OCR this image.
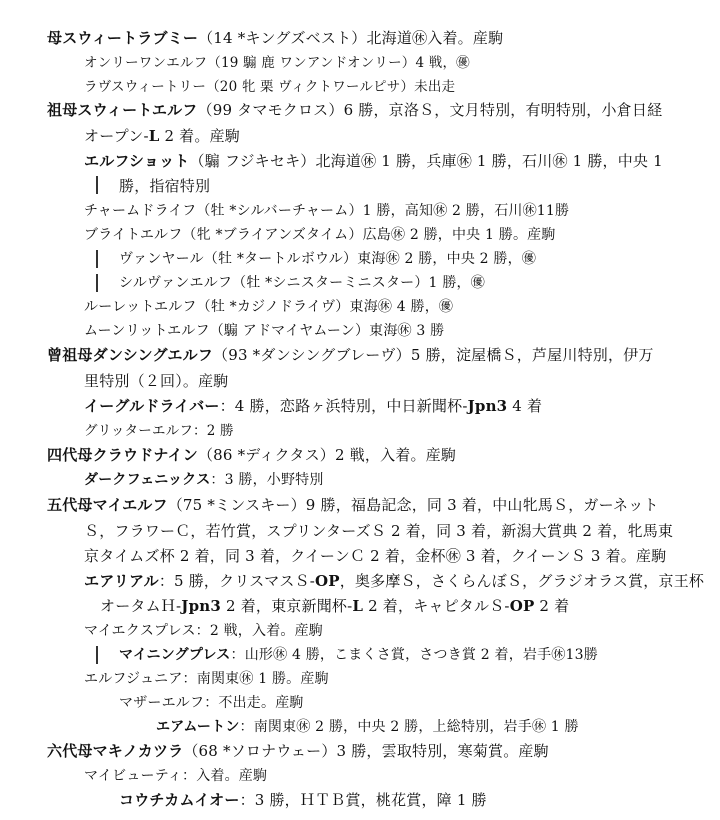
母スウィートラブミー（14 *キングズベスト）北海道㊡入着。産駒
オンリーワンエルフ（19 騸 鹿 ワンアンドオンリー）4 戦，㊝
ラヴスウィートリー（20 牝 栗 ヴィクトワールピサ）未出走
祖母スウィートエルフ（99 タマモクロス）6 勝，京洛Ｓ，文月特別，有明特別，小倉日経
オープン-L 2 着。産駒
エルフショット（騸 フジキセキ）北海道㊡ 1 勝，兵庫㊡ 1 勝，石川㊡ 1 勝，中央 1
勝，指宿特別
チャームドライフ（牡 *シルバーチャーム）1 勝，高知㊡ 2 勝，石川㊡11勝
ブライトエルフ（牝 *ブライアンズタイム）広島㊡ 2 勝，中央 1 勝。産駒
ヴァンヤール（牡 *タートルボウル）東海㊡ 2 勝，中央 2 勝，㊝
シルヴァンエルフ（牡 *シニスターミニスター）1 勝，㊝
ルーレットエルフ（牡 *カジノドライヴ）東海㊡ 4 勝，㊝
ムーンリットエルフ（騸 アドマイヤムーン）東海㊡ 3 勝
曾祖母ダンシングエルフ（93 *ダンシングブレーヴ）5 勝，淀屋橋Ｓ，芦屋川特別，伊万
里特別（２回）。産駒
イーグルドライバー：4 勝，恋路ヶ浜特別，中日新聞杯-Jpn3 4 着
グリッターエルフ：2 勝
四代母クラウドナイン（86 *ディクタス）2 戦，入着。産駒
ダークフェニックス：3 勝，小野特別
五代母マイエルフ（75 *ミンスキー）9 勝，福島記念，同 3 着，中山牝馬Ｓ，ガーネット
Ｓ，フラワーＣ，若竹賞，スプリンターズＳ 2 着，同 3 着，新潟大賞典 2 着，牝馬東
京タイムズ杯 2 着，同 3 着，クイーンＣ 2 着，金杯㊡ 3 着，クイーンＳ 3 着。産駒
エアリアル：5 勝，クリスマスＳ-OP，奥多摩Ｓ，さくらんぼＳ，グラジオラス賞，京王杯
オータムＨ-Jpn3 2 着，東京新聞杯-L 2 着，キャピタルＳ-OP 2 着
マイエクスプレス：2 戦，入着。産駒
マイニングプレス：山形㊡ 4 勝，こまくさ賞，さつき賞 2 着，岩手㊡13勝
エルフジュニア：南関東㊡ 1 勝。産駒
マザーエルフ：不出走。産駒
エアムートン：南関東㊡ 2 勝，中央 2 勝，上総特別，岩手㊡ 1 勝
六代母マキノカツラ（68 *ソロナウェー）3 勝，雲取特別，寒菊賞。産駒
マイビューティ：入着。産駒
コウチカムイオー：3 勝，ＨＴＢ賞，桃花賞，障 1 勝
